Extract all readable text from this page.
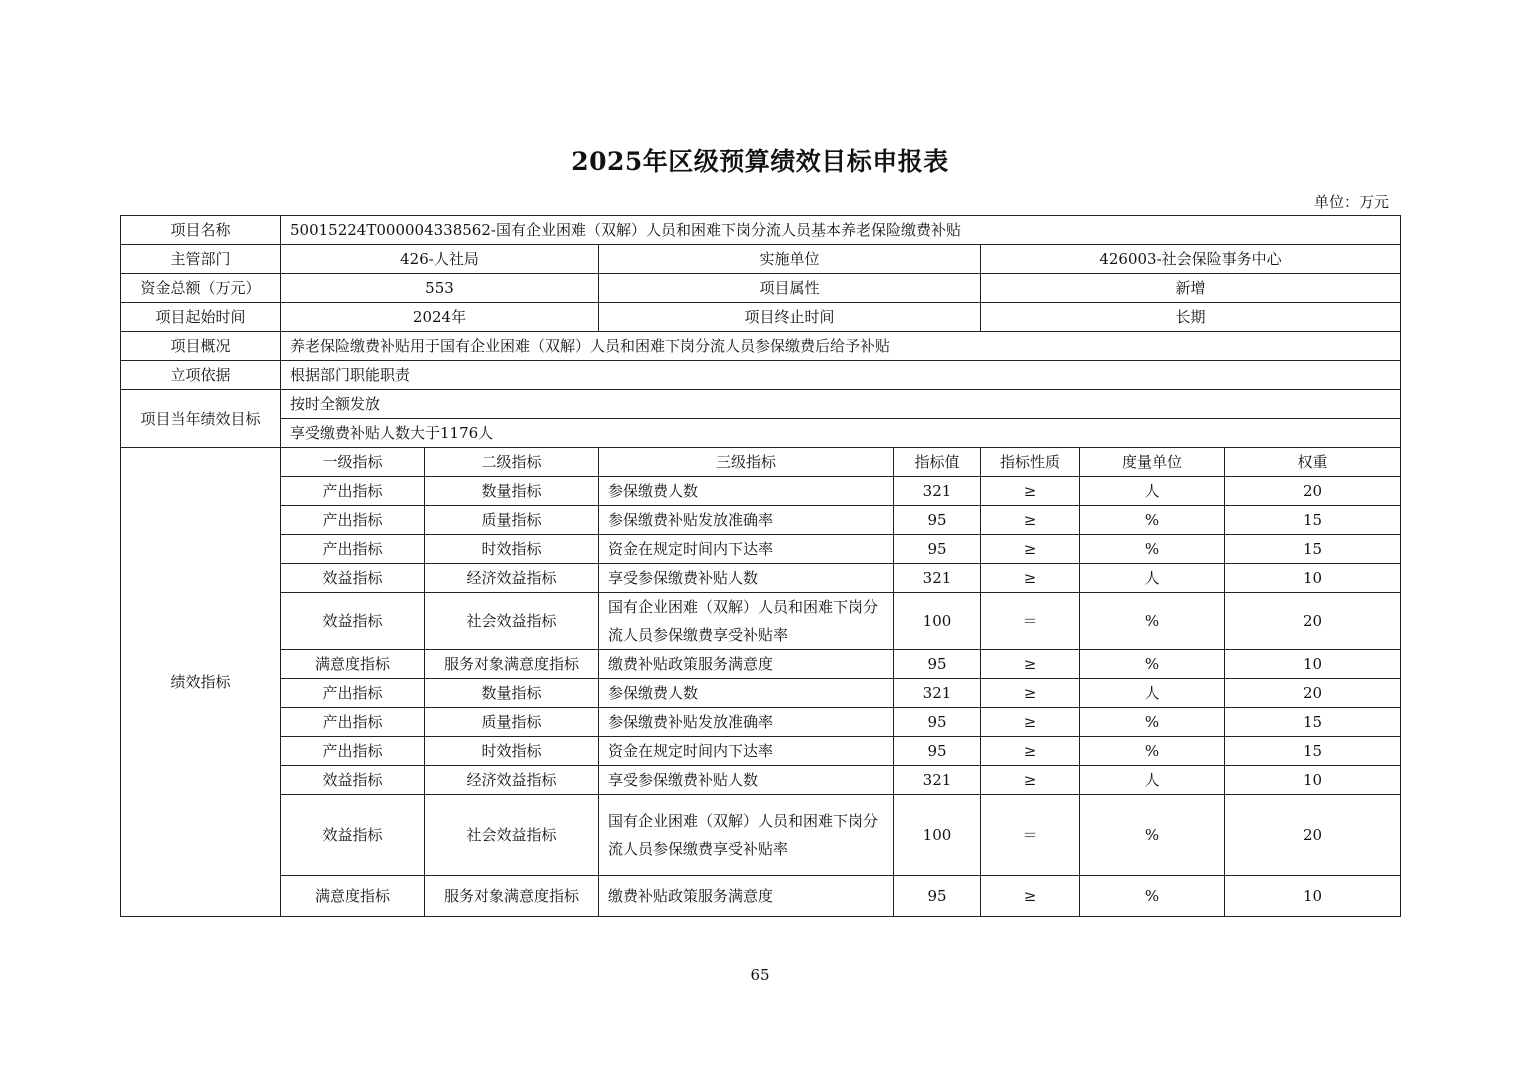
2025年区级预算绩效目标申报表
单位：万元
项目名称	50015224T000004338562-国有企业困难（双解）人员和困难下岗分流人员基本养老保险缴费补贴						
主管部门	426-人社局		实施单位		426003-社会保险事务中心		
资金总额（万元）	553		项目属性		新增		
项目起始时间	2024年		项目终止时间		长期		
项目概况	养老保险缴费补贴用于国有企业困难（双解）人员和困难下岗分流人员参保缴费后给予补贴						
立项依据	根据部门职能职责						
项目当年绩效目标	按时全额发放						
	享受缴费补贴人数大于1176人						
绩效指标	一级指标	二级指标	三级指标	指标值	指标性质	度量单位	权重
	产出指标	数量指标	参保缴费人数	321	≥	人	20
	产出指标	质量指标	参保缴费补贴发放准确率	95	≥	%	15
	产出指标	时效指标	资金在规定时间内下达率	95	≥	%	15
	效益指标	经济效益指标	享受参保缴费补贴人数	321	≥	人	10
	效益指标	社会效益指标	国有企业困难（双解）人员和困难下岗分流人员参保缴费享受补贴率	100	＝	%	20
	满意度指标	服务对象满意度指标	缴费补贴政策服务满意度	95	≥	%	10
	产出指标	数量指标	参保缴费人数	321	≥	人	20
	产出指标	质量指标	参保缴费补贴发放准确率	95	≥	%	15
	产出指标	时效指标	资金在规定时间内下达率	95	≥	%	15
	效益指标	经济效益指标	享受参保缴费补贴人数	321	≥	人	10
	效益指标	社会效益指标	国有企业困难（双解）人员和困难下岗分流人员参保缴费享受补贴率	100	＝	%	20
	满意度指标	服务对象满意度指标	缴费补贴政策服务满意度	95	≥	%	10
65
